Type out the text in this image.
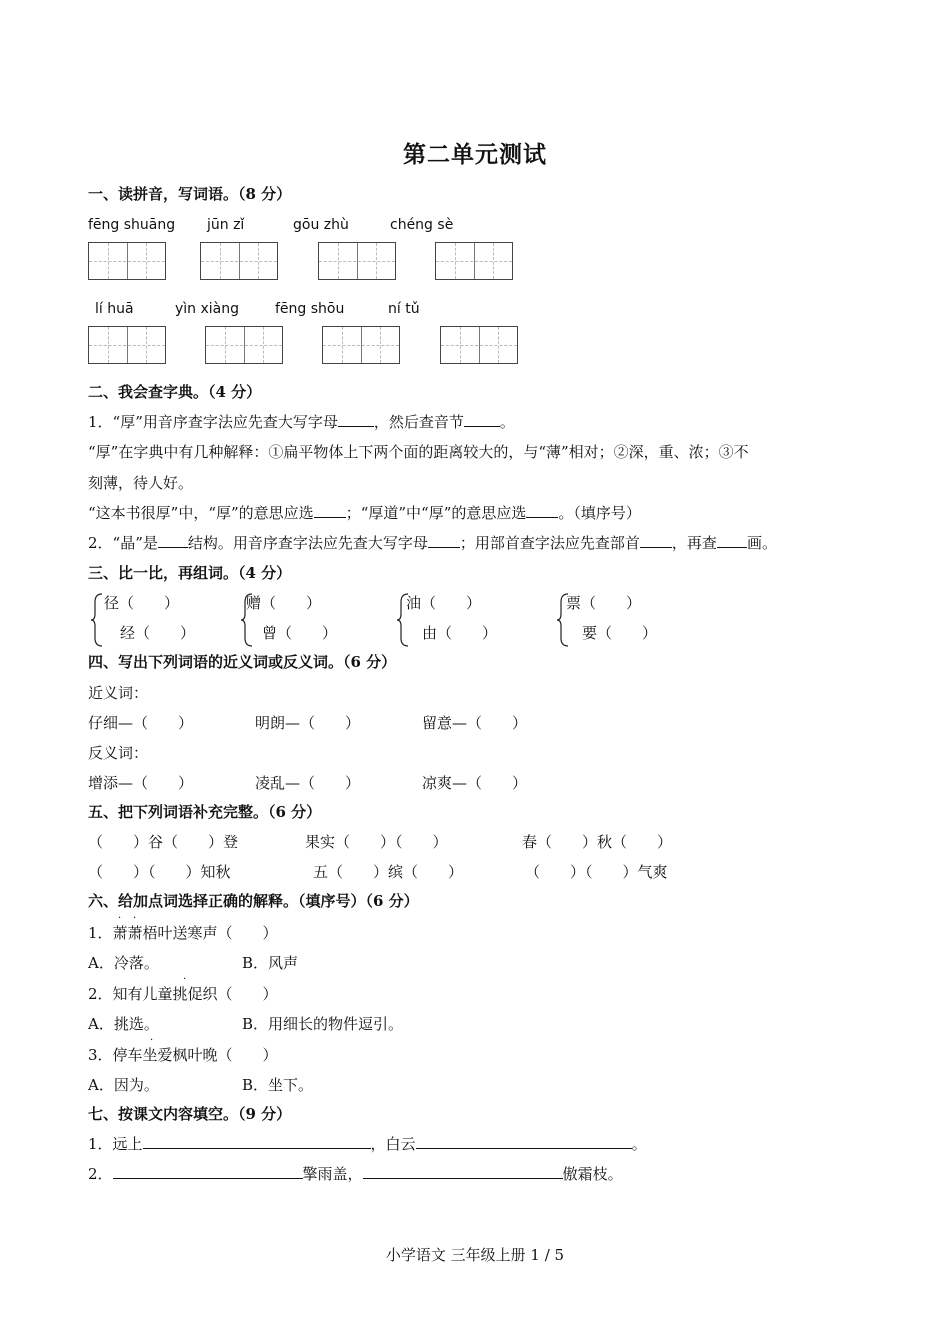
第二单元测试
一、读拼音，写词语。（8 分）
fēng shuāng jūn zǐ	gōu zhù	chéng sè
lí huā	yìn xiàng	fēng shōu	ní tǔ
二、我会查字典。（4 分）
1．“厚”用音序查字法应先查大写字母 ，然后查音节 。
“厚”在字典中有几种解释：①扁平物体上下两个面的距离较大的，与“薄”相对；②深，重、浓；③不
刻薄，待人好。
“这本书很厚”中，“厚”的意思应选 ；“厚道”中“厚”的意思应选 。（填序号）
2．“晶”是 结构。用音序查字法应先查大写字母 ；用部首查字法应先查部首 ，再查 画。
三、比一比，再组词。（4 分）
径（　　）
经（　　）
赠（　　）
曾（　　）
油（　　）
由（　　）
票（　　）
要（　　）
四、写出下列词语的近义词或反义词。（6 分）
近义词：
仔细—（　　）	明朗—（　　）	留意—（　　）
反义词：
增添—（　　）	凌乱—（　　）	凉爽—（　　）
五、把下列词语补充完整。（6 分）
（　　）谷（　　）登	果实（　　）（　　）	春（　　）秋（　　）
（　　）（　　）知秋	五（　　）缤（　　）	（　　）（　　）气爽
六、给加点词选择正确的解释。（填序号）（6 分）
· ·
1．萧萧梧叶送寒声（　　）
A．冷落。	B．风声
·
2．知有儿童挑促织（　　）
A．挑选。	B．用细长的物件逗引。
·
3．停车坐爱枫叶晚（　　）
A．因为。	B．坐下。
七、按课文内容填空。（9 分）
1．远上	，白云	。
2．	擎雨盖，	傲霜枝。
小学语文 三年级上册 1 / 5
